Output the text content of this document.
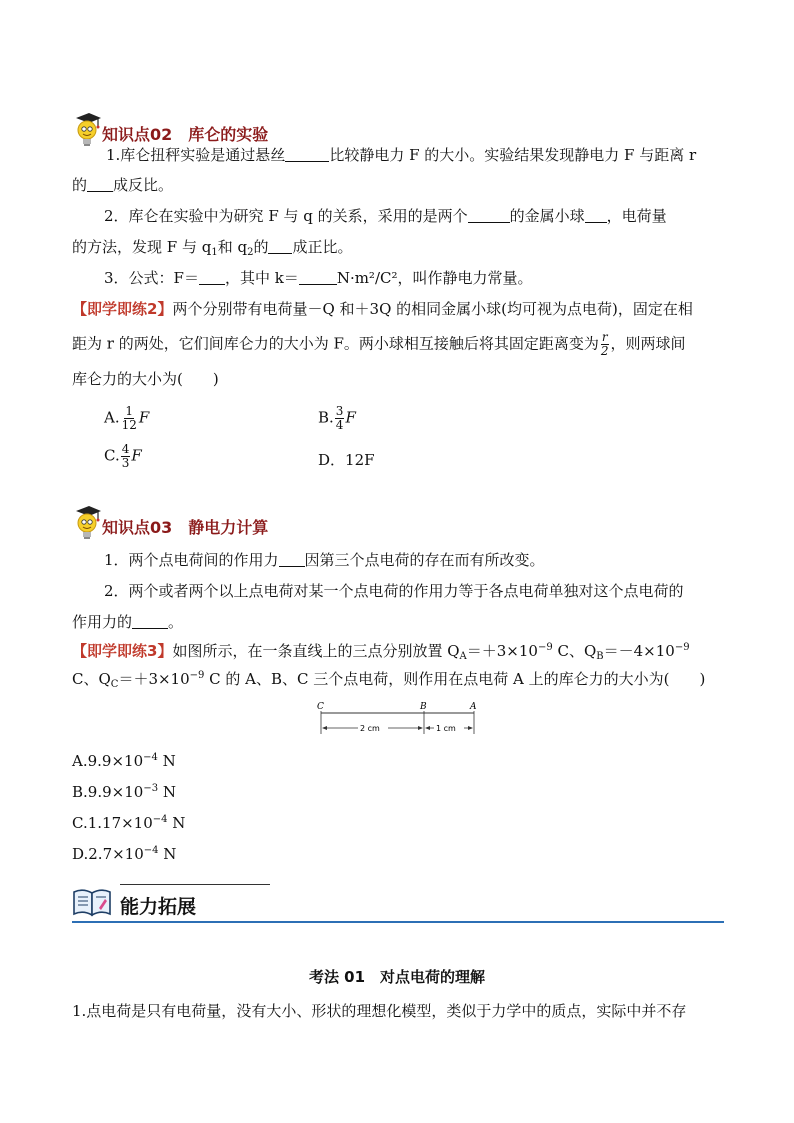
知识点02　库仑的实验
1.库仑扭秤实验是通过悬丝	比较静电力 F 的大小。实验结果发现静电力 F 与距离 r
的 成反比。
2．库仑在实验中为研究 F 与 q 的关系，采用的是两个	的金属小球 ，电荷量
的方法，发现 F 与 $q_1$和 $q_2$的 成正比。
3．公式：F＝ ，其中 k＝	N·m²/C²，叫作静电力常量。
【即学即练2】两个分别带有电荷量－Q 和＋3Q 的相同金属小球(均可视为点电荷)，固定在相
距为 r 的两处，它们间库仑力的大小为 F。两小球相互接触后将其固定距离变为 $\frac{r}{2}$ ，则两球间
库仑力的大小为(　　)
A. $\frac{1}{12}$ F	B. $\frac{3}{4}$ F
C. $\frac{4}{3}$ F	D．12F
知识点03　静电力计算
1．两个点电荷间的作用力 因第三个点电荷的存在而有所改变。
2．两个或者两个以上点电荷对某一个点电荷的作用力等于各点电荷单独对这个点电荷的
作用力的 。
【即学即练3】如图所示，在一条直线上的三点分别放置 $Q_A=+3\times 10^{-9}$ C、$Q_B=-4\times 10^{-9}$
C、$Q_C=+3\times 10^{-9}$ C 的 A、B、C 三个点电荷，则作用在点电荷 A 上的库仑力的大小为(　　)
C	B	A
2 cm	1 cm
$A.9.9\times 10^{-4}$ N
$B.9.9\times 10^{-3}$ N
$C.1.17\times 10^{-4}$ N
$D.2.7\times 10^{-4}$ N
能力拓展
考法 01　对点电荷的理解
1.点电荷是只有电荷量，没有大小、形状的理想化模型，类似于力学中的质点，实际中并不存
